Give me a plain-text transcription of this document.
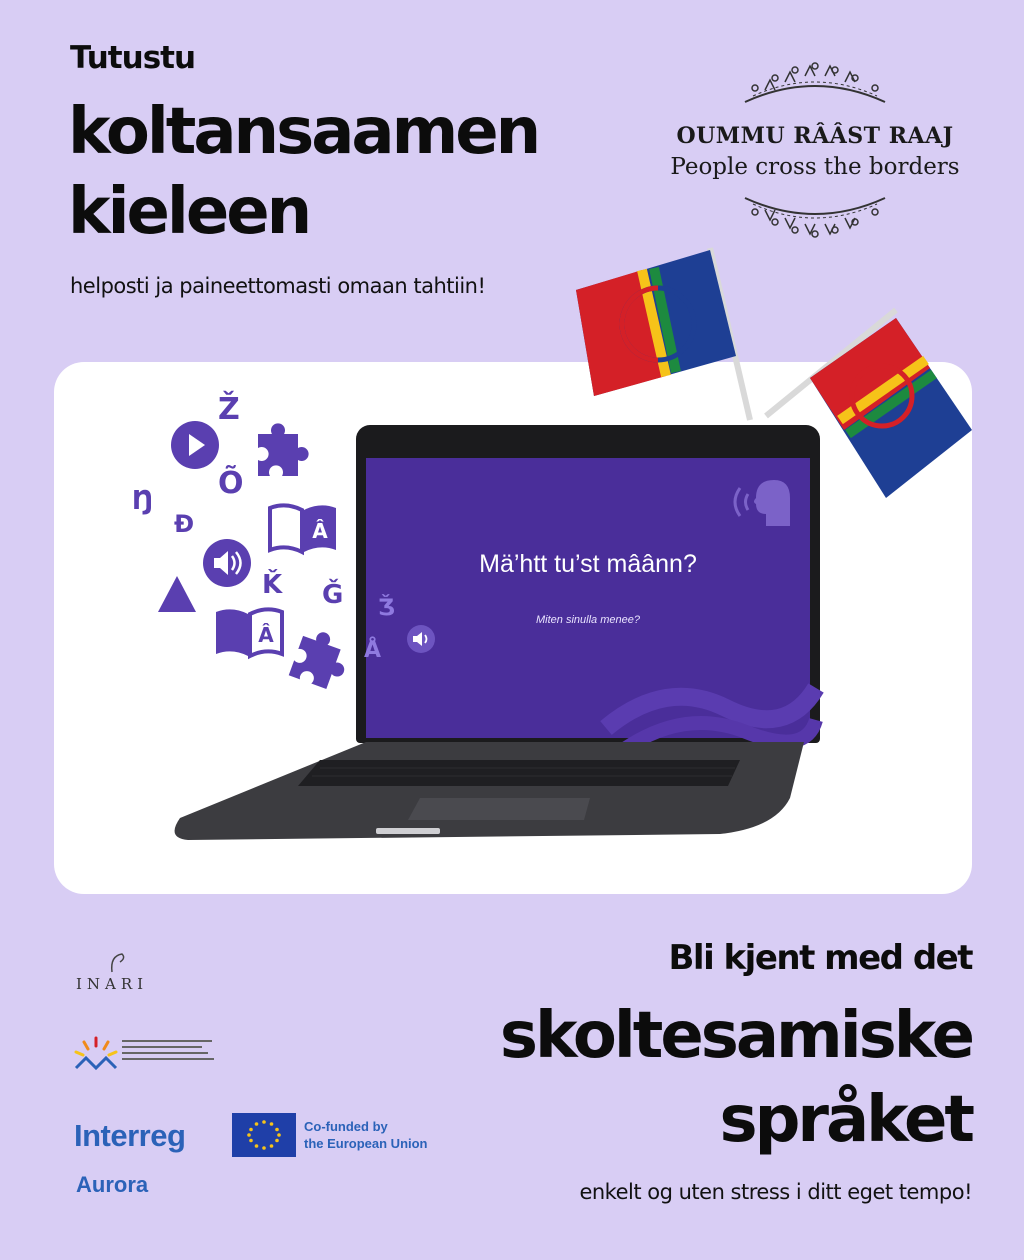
Tutustu
koltansaamen
kieleen
helposti ja paineettomasti omaan tahtiin!
OUMMU RÂÂST RAAJ
People cross the borders
Ž
Õ
Ŋ
Đ	Â
Ǩ Ǧ
Â
Mä’htt tu’st mâânn?
Miten sinulla menee?
Ǯ
Å
Bli kjent med det
skoltesamiske
språket
enkelt og uten stress i ditt eget tempo!
INARI
Interreg
Aurora
Co-funded by
the European Union
